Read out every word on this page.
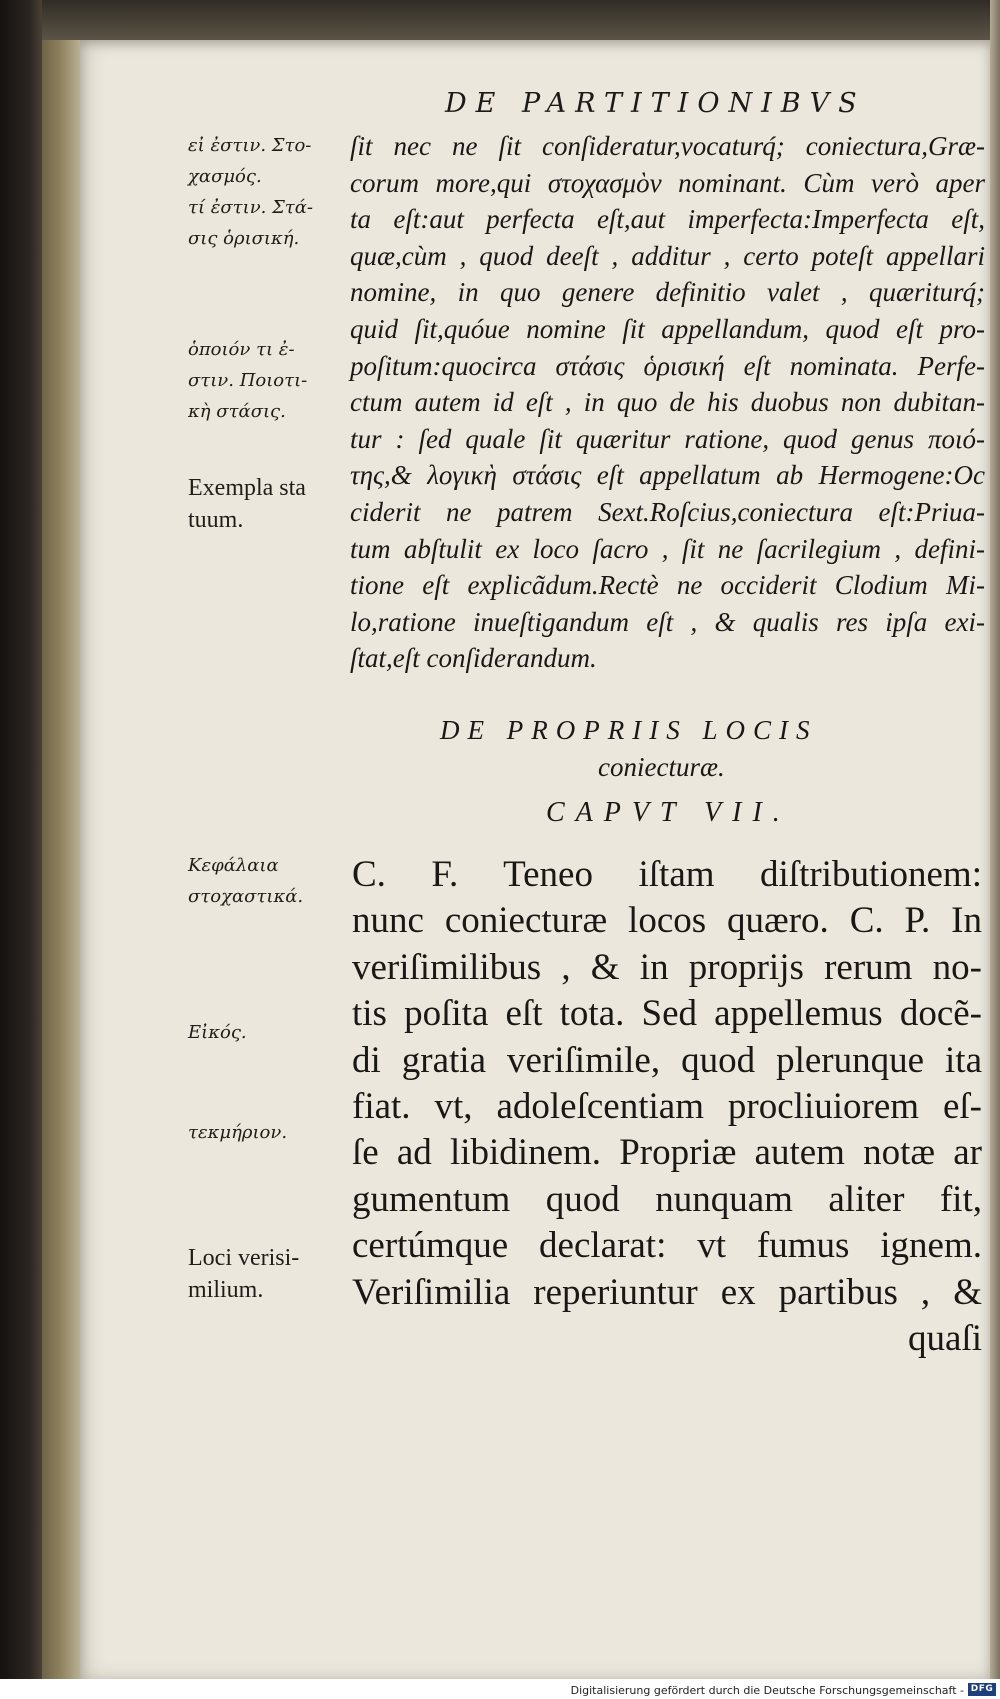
DE PARTITIONIBVS
εἰ ἐστιν. Στο-
χασμός.
τί ἐστιν. Στά-
σις ὁρισική.
ὁποιόν τι ἐ-
στιν. Ποιοτι-
κὴ στάσις.
Exempla sta
tuum.
Κεφάλαια
στοχαστικά.
Εἰκός.
τεκμήριον.
Loci verisi-
milium.
ſit nec ne ſit conſideratur,vocaturq́; coniectura,Græ-
corum more,qui στοχασμὸν nominant. Cùm verò aper
ta eſt:aut perfecta eſt,aut imperfecta:Imperfecta eſt,
quæ,cùm , quod deeſt , additur , certo poteſt appellari
nomine, in quo genere definitio valet , quæriturq́;
quid ſit,quóue nomine ſit appellandum, quod eſt pro-
poſitum:quocirca στάσις ὁρισική eſt nominata. Perfe-
ctum autem id eſt , in quo de his duobus non dubitan-
tur : ſed quale ſit quæritur ratione, quod genus ποιό-
της,& λογικὴ στάσις eſt appellatum ab Hermogene:Oc
ciderit ne patrem Sext.Roſcius,coniectura eſt:Priua-
tum abſtulit ex loco ſacro , ſit ne ſacrilegium , defini-
tione eſt explicãdum.Rectè ne occiderit Clodium Mi-
lo,ratione inueſtigandum eſt , & qualis res ipſa exi-
ſtat,eſt conſiderandum.
DE PROPRIIS LOCIS
coniecturæ.
CAPVT VII.
C. F. Teneo iſtam diſtributionem:
nunc coniecturæ locos quæro. C. P. In
veriſimilibus , & in proprijs rerum no-
tis poſita eſt tota. Sed appellemus docẽ-
di gratia veriſimile, quod plerunque ita
fiat. vt, adoleſcentiam procliuiorem eſ-
ſe ad libidinem. Propriæ autem notæ ar
gumentum quod nunquam aliter fit,
certúmque declarat: vt fumus ignem.
Veriſimilia reperiuntur ex partibus , &
quaſi
Digitalisierung gefördert durch die Deutsche Forschungsgemeinschaft - DFG
